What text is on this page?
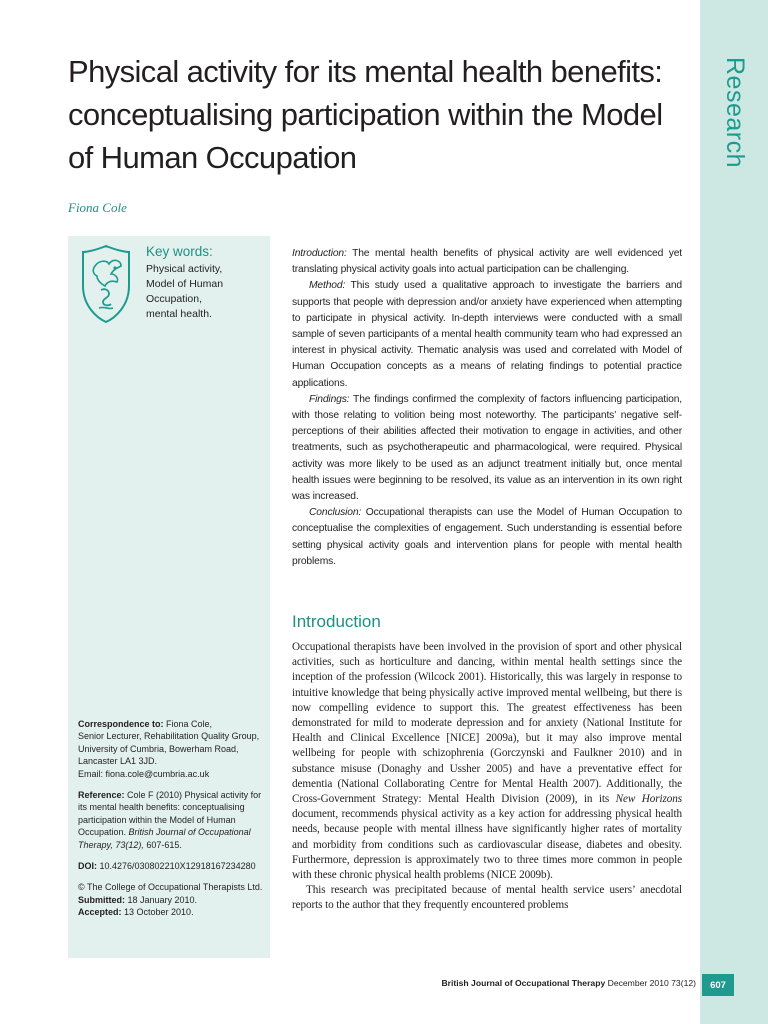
Research
Physical activity for its mental health benefits: conceptualising participation within the Model of Human Occupation
Fiona Cole
Key words:
Physical activity,
Model of Human Occupation,
mental health.

Introduction: The mental health benefits of physical activity are well evidenced yet translating physical activity goals into actual participation can be challenging.

Method: This study used a qualitative approach to investigate the barriers and supports that people with depression and/or anxiety have experienced when attempting to participate in physical activity. In-depth interviews were conducted with a small sample of seven participants of a mental health community team who had expressed an interest in physical activity. Thematic analysis was used and correlated with Model of Human Occupation concepts as a means of relating findings to potential practice applications.

Findings: The findings confirmed the complexity of factors influencing participation, with those relating to volition being most noteworthy. The participants’ negative self-perceptions of their abilities affected their motivation to engage in activities, and other treatments, such as psychotherapeutic and pharmacological, were required. Physical activity was more likely to be used as an adjunct treatment initially but, once mental health issues were beginning to be resolved, its value as an intervention in its own right was increased.

Conclusion: Occupational therapists can use the Model of Human Occupation to conceptualise the complexities of engagement. Such understanding is essential before setting physical activity goals and intervention plans for people with mental health problems.

Introduction

Occupational therapists have been involved in the provision of sport and other physical activities, such as horticulture and dancing, within mental health settings since the inception of the profession (Wilcock 2001). Historically, this was largely in response to intuitive knowledge that being physically active improved mental wellbeing, but there is now compelling evidence to support this. The greatest effectiveness has been demonstrated for mild to moderate depression and for anxiety (National Institute for Health and Clinical Excellence [NICE] 2009a), but it may also improve mental wellbeing for people with schizophrenia (Gorczynski and Faulkner 2010) and in substance misuse (Donaghy and Ussher 2005) and have a preventative effect for dementia (National Collaborating Centre for Mental Health 2007). Additionally, the Cross-Government Strategy: Mental Health Division (2009), in its New Horizons document, recommends physical activity as a key action for addressing physical health needs, because people with mental illness have significantly higher rates of mortality and morbidity from conditions such as cardiovascular disease, diabetes and obesity. Furthermore, depression is approximately two to three times more common in people with these chronic physical health problems (NICE 2009b).

This research was precipitated because of mental health service users’ anecdotal reports to the author that they frequently encountered problems

Correspondence to: Fiona Cole,
Senior Lecturer, Rehabilitation Quality Group,
University of Cumbria, Bowerham Road,
Lancaster LA1 3JD.
Email: fiona.cole@cumbria.ac.uk
Reference: Cole F (2010) Physical activity for its mental health benefits: conceptualising participation within the Model of Human Occupation. British Journal of Occupational Therapy, 73(12), 607-615.
DOI: 10.4276/030802210X12918167234280
© The College of Occupational Therapists Ltd.
Submitted: 18 January 2010.
Accepted: 13 October 2010.
British Journal of Occupational Therapy December 2010 73(12)	607
